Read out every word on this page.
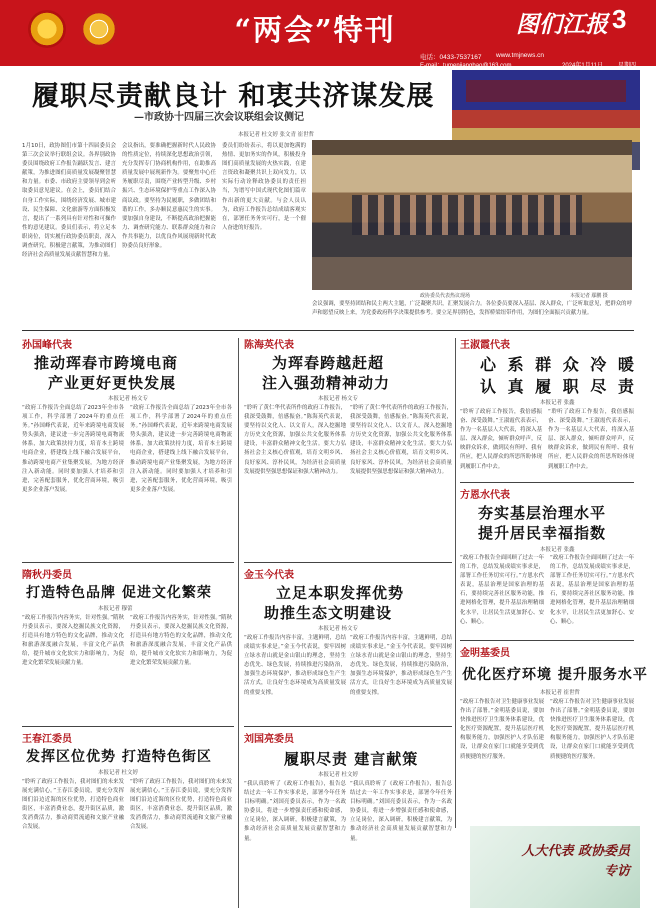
“两会”特刊	图们江报 3
电话：0433-7537167 www.tmjnews.cn
E-mail：tumenjiangbao@163.com	2024年1月11日	星期四
履职尽责献良计 和衷共济谋发展
—市政协十四届三次会议联组会议侧记
本报记者 杜文婷 张文青 崔世哲
1月10日，政协图们市第十四届委员会第三次会议举行联组会议。各界别政协委员围绕政府工作报告踊跃发言、建言献策，为推进图们高质量发展凝聚智慧和力量。市委、市政府主要领导到会听取委员意见建议。在会上，委员们结合自身工作实际，围绕经济发展、城市建设、民生保障、文化旅游等方面积极发言，提出了一系列具有针对性和可操作性的意见建议。委员们表示，将立足本职岗位，切实履行政协委员职责，深入调查研究，积极建言献策，为推动图们经济社会高质量发展贡献智慧和力量。
会议指出，要准确把握新时代人民政协的性质定位，持续深化思想政治引领，充分发挥专门协商机构作用，在助推高质量发展中展现新作为。要聚焦中心任务履职尽责，围绕产业转型升级、乡村振兴、生态环境保护等重点工作深入协商议政。要坚持为民履职，多做团结和谐的工作，多办顺民意惠民生的实事。要加强自身建设，不断提高政治把握能力、调查研究能力、联系群众能力和合作共事能力，以优良作风展现新时代政协委员良好形象。
委员们纷纷表示，将以更加饱满的热情、更加务实的作风，积极投身图们高质量发展的火热实践，在建言资政和凝聚共识上双向发力，以实际行动诠释政协委员的责任担当，为谱写中国式现代化图们篇章作出新的更大贡献。与会人员认为，政府工作报告总结成绩客观实在，部署任务务实可行，是一个催人奋进的好报告。
政协委员代表热议现场	本报记者 鄢鹏 摄
会议强调，要坚持团结和民主两大主题，广泛凝聚共识，汇聚发展合力。各位委员要深入基层、深入群众，广泛听取意见，把群众的呼声和愿望反映上来，为党委政府科学决策提供参考。要立足界别特色，发挥桥梁纽带作用，为图们全面振兴贡献力量。
孙国峰代表
推动珲春市跨境电商
产业更好更快发展
本报记者 杨文专
“政府工作报告全面总结了2023年全市各项工作，科学部署了2024年的重点任务。”孙国峰代表说，近年来跨境电商发展势头强劲，建议进一步完善跨境电商物流体系，加大政策扶持力度，培育本土跨境电商企业，搭建线上线下融合发展平台，推动跨境电商产业集聚发展，为地方经济注入新动能。同时要加强人才培养和引进，完善配套服务，优化营商环境，吸引更多企业落户发展。
“政府工作报告全面总结了2023年全市各项工作，科学部署了2024年的重点任务。”孙国峰代表说，近年来跨境电商发展势头强劲，建议进一步完善跨境电商物流体系，加大政策扶持力度，培育本土跨境电商企业，搭建线上线下融合发展平台，推动跨境电商产业集聚发展，为地方经济注入新动能。同时要加强人才培养和引进，完善配套服务，优化营商环境，吸引更多企业落户发展。
陈海英代表
为珲春跨越赶超
注入强劲精神动力
本报记者 杨文专
“聆听了黄仁华代表所作的政府工作报告，我深受鼓舞，倍感振奋。”陈海英代表说，要坚持以文化人、以文育人，深入挖掘地方历史文化资源，加强公共文化服务体系建设，丰富群众精神文化生活。要大力弘扬社会主义核心价值观，培育文明乡风、良好家风、淳朴民风，为经济社会高质量发展提供坚强思想保证和强大精神动力。
“聆听了黄仁华代表所作的政府工作报告，我深受鼓舞，倍感振奋。”陈海英代表说，要坚持以文化人、以文育人，深入挖掘地方历史文化资源，加强公共文化服务体系建设，丰富群众精神文化生活。要大力弘扬社会主义核心价值观，培育文明乡风、良好家风、淳朴民风，为经济社会高质量发展提供坚强思想保证和强大精神动力。
王淑霞代表
心 系 群 众 冷 暖
认 真 履 职 尽 责
本报记者 张鑫
“聆听了政府工作报告，我倍感振奋、深受鼓舞。”王淑霞代表表示，作为一名基层人大代表，将深入基层、深入群众，倾听群众呼声，反映群众诉求，做到民有所呼、我有所应，把人民群众的所思所盼体现到履职工作中去。
“聆听了政府工作报告，我倍感振奋、深受鼓舞。”王淑霞代表表示，作为一名基层人大代表，将深入基层、深入群众，倾听群众呼声，反映群众诉求，做到民有所呼、我有所应，把人民群众的所思所盼体现到履职工作中去。
方恩水代表
夯实基层治理水平
提升居民幸福指数
本报记者 张鑫
“政府工作报告全面回顾了过去一年的工作，总结发展成绩实事求是，部署工作任务切实可行。”方恩水代表说，基层治理是国家治理的基石，要持续完善社区服务功能，推进网格化管理，提升基层治理精细化水平，让居民生活更加舒心、安心、顺心。
“政府工作报告全面回顾了过去一年的工作，总结发展成绩实事求是，部署工作任务切实可行。”方恩水代表说，基层治理是国家治理的基石，要持续完善社区服务功能，推进网格化管理，提升基层治理精细化水平，让居民生活更加舒心、安心、顺心。
金明基委员
优化医疗环境 提升服务水平
本报记者 崔世哲
“政府工作报告对卫生健康事业发展作出了部署。”金明基委员说，要加快推进医疗卫生服务体系建设，优化医疗资源配置，提升基层医疗机构服务能力，加强医护人才队伍建设，让群众在家门口就能享受到优质便捷的医疗服务。
“政府工作报告对卫生健康事业发展作出了部署。”金明基委员说，要加快推进医疗卫生服务体系建设，优化医疗资源配置，提升基层医疗机构服务能力，加强医护人才队伍建设，让群众在家门口就能享受到优质便捷的医疗服务。
隋秋丹委员
打造特色品牌 促进文化繁荣
本报记者 穆蕾
“政府工作报告内容务实，针对性强。”隋秋丹委员表示，要深入挖掘民族文化资源，打造具有地方特色的文化品牌，推动文化和旅游深度融合发展，丰富文化产品供给，提升城市文化软实力和影响力，为促进文化繁荣发展贡献力量。
“政府工作报告内容务实，针对性强。”隋秋丹委员表示，要深入挖掘民族文化资源，打造具有地方特色的文化品牌，推动文化和旅游深度融合发展，丰富文化产品供给，提升城市文化软实力和影响力，为促进文化繁荣发展贡献力量。
金玉今代表
立足本职发挥优势
助推生态文明建设
本报记者 杨文专
“政府工作报告内容丰富，主题鲜明，总结成绩实事求是。”金玉今代表说，要牢固树立绿水青山就是金山银山的理念，坚持生态优先、绿色发展，持续推进污染防治，加强生态环境保护，推动形成绿色生产生活方式，让良好生态环境成为高质量发展的重要支撑。
“政府工作报告内容丰富，主题鲜明，总结成绩实事求是。”金玉今代表说，要牢固树立绿水青山就是金山银山的理念，坚持生态优先、绿色发展，持续推进污染防治，加强生态环境保护，推动形成绿色生产生活方式，让良好生态环境成为高质量发展的重要支撑。
王春江委员
发挥区位优势 打造特色街区
本报记者 杜文婷
“聆听了政府工作报告，我对图们的未来发展充满信心。”王春江委员说，要充分发挥图们沿边近海的区位优势，打造特色商业街区，丰富消费业态，提升街区品质，激发消费活力，推动商贸流通和文旅产业融合发展。
“聆听了政府工作报告，我对图们的未来发展充满信心。”王春江委员说，要充分发挥图们沿边近海的区位优势，打造特色商业街区，丰富消费业态，提升街区品质，激发消费活力，推动商贸流通和文旅产业融合发展。
刘国亮委员
履职尽责 建言献策
本报记者 杜文婷
“我认真聆听了《政府工作报告》，报告总结过去一年工作实事求是，部署今年任务目标明确。”刘国亮委员表示，作为一名政协委员，将进一步增强责任感和使命感，立足岗位，深入调研，积极建言献策，为推动经济社会高质量发展贡献智慧和力量。
“我认真聆听了《政府工作报告》，报告总结过去一年工作实事求是，部署今年任务目标明确。”刘国亮委员表示，作为一名政协委员，将进一步增强责任感和使命感，立足岗位，深入调研，积极建言献策，为推动经济社会高质量发展贡献智慧和力量。
人大代表 政协委员
专访
